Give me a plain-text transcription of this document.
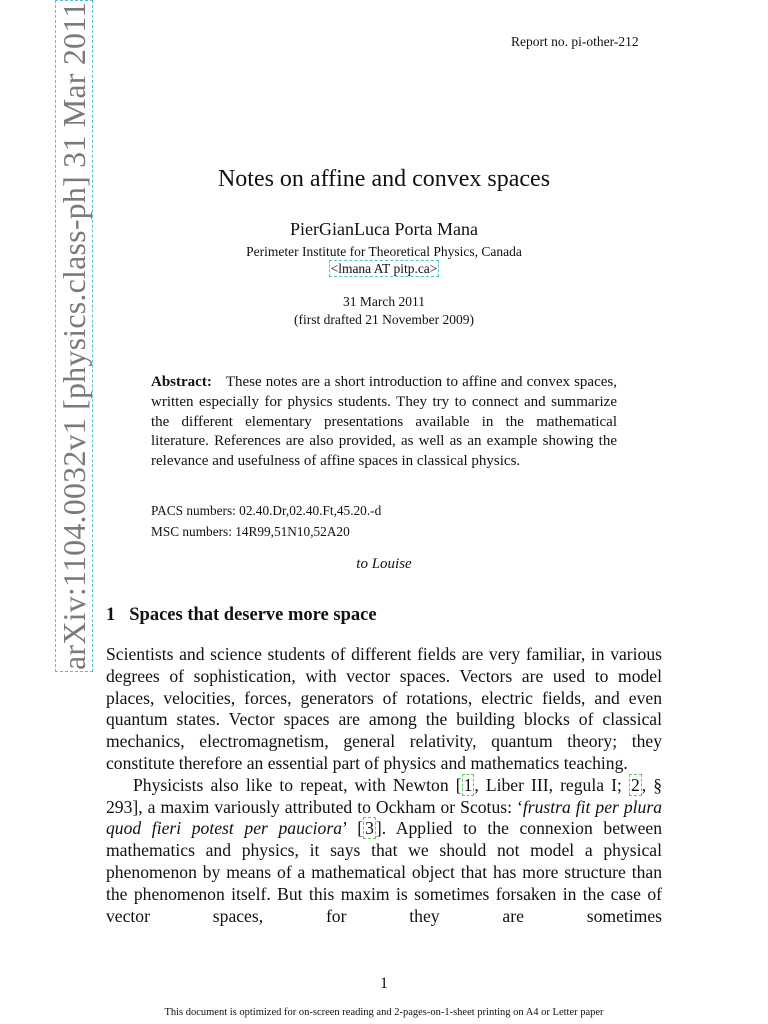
arXiv:1104.0032v1 [physics.class-ph] 31 Mar 2011	Report no. pi-other-212
Notes on affine and convex spaces
PierGianLuca Porta Mana
Perimeter Institute for Theoretical Physics, Canada
<lmana AT pitp.ca>
31 March 2011
(first drafted 21 November 2009)
Abstract: These notes are a short introduction to affine and convex spaces, written especially for physics students. They try to connect and summarize the different elementary presentations available in the mathematical literature. References are also provided, as well as an example showing the relevance and usefulness of affine spaces in classical physics.
PACS numbers: 02.40.Dr,02.40.Ft,45.20.-d
MSC numbers: 14R99,51N10,52A20
to Louise
1 Spaces that deserve more space

Scientists and science students of different fields are very familiar, in various degrees of sophistication, with vector spaces. Vectors are used to model places, velocities, forces, generators of rotations, electric fields, and even quantum states. Vector spaces are among the building blocks of classical mechanics, electromagnetism, general relativity, quantum theory; they constitute therefore an essential part of physics and mathematics teaching.

Physicists also like to repeat, with Newton [ 1 , Liber III, regula I; 2 , § 293], a maxim variously attributed to Ockham or Scotus: ‘frustra fit per plura quod fieri potest per pauciora’ [ 3 ]. Applied to the connexion between mathematics and physics, it says that we should not model a physical phenomenon by means of a mathematical object that has more structure than the phenomenon itself. But this maxim is sometimes forsaken in the case of vector spaces, for they are sometimes

1
This document is optimized for on-screen reading and 2-pages-on-1-sheet printing on A4 or Letter paper
